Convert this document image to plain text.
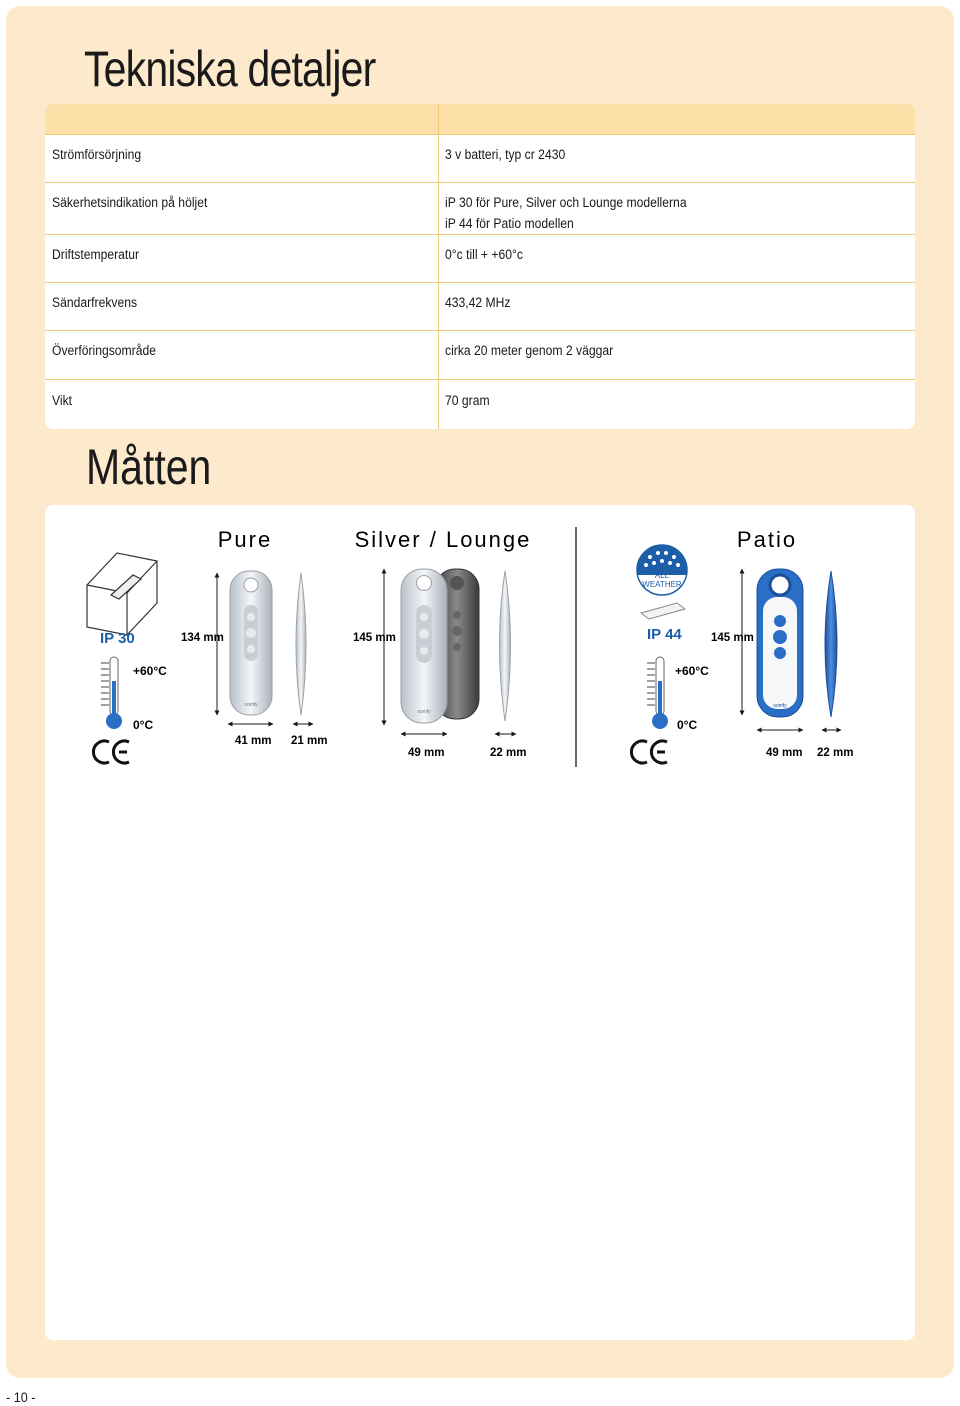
Tekniska detaljer
Strömförsörjning	3 v batteri, typ cr 2430
Säkerhetsindikation på höljet	iP 30 för Pure, Silver och Lounge modellerna
iP 44 för Patio modellen
Driftstemperatur	0°c till + +60°c
Sändarfrekvens	433,42 MHz
Överföringsområde	cirka 20 meter genom 2 väggar
Vikt	70 gram
Måtten
Pure	Silver / Lounge	Patio
IP 30
+60°C
0°C
134 mm
somfy
41 mm 21 mm
145 mm
somfy
49 mm	22 mm
ALL
WEATHER
IP 44
+60°C
0°C
145 mm
somfy
49 mm 22 mm
- 10 -
